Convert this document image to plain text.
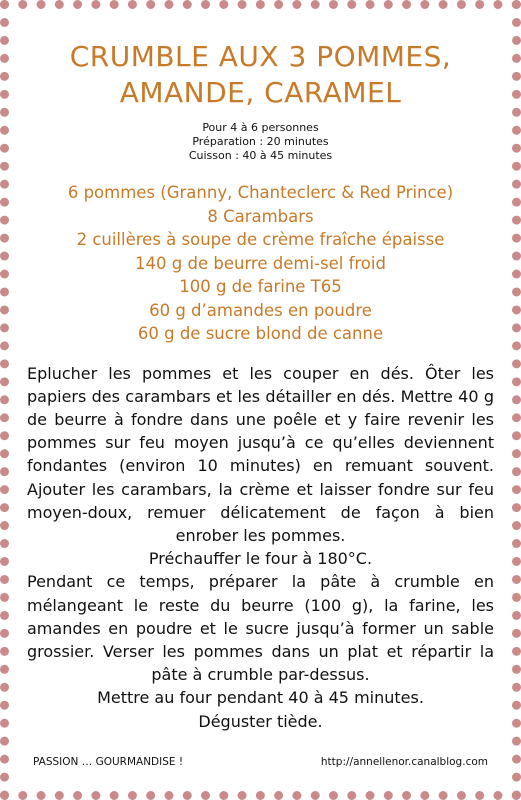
CRUMBLE AUX 3 POMMES,
AMANDE, CARAMEL
Pour 4 à 6 personnes
Préparation : 20 minutes
Cuisson : 40 à 45 minutes
6 pommes (Granny, Chanteclerc & Red Prince)
8 Carambars
2 cuillères à soupe de crème fraîche épaisse
140 g de beurre demi-sel froid
100 g de farine T65
60 g d’amandes en poudre
60 g de sucre blond de canne

Eplucher les pommes et les couper en dés. Ôter les papiers des carambars et les détailler en dés. Mettre 40 g de beurre à fondre dans une poêle et y faire revenir les pommes sur feu moyen jusqu’à ce qu’elles deviennent fondantes (environ 10 minutes) en remuant souvent. Ajouter les carambars, la crème et laisser fondre sur feu moyen-doux, remuer délicatement de façon à bien enrober les pommes.

Préchauffer le four à 180°C.

Pendant ce temps, préparer la pâte à crumble en mélangeant le reste du beurre (100 g), la farine, les amandes en poudre et le sucre jusqu’à former un sable grossier. Verser les pommes dans un plat et répartir la pâte à crumble par-dessus.

Mettre au four pendant 40 à 45 minutes.

Déguster tiède.

PASSION … GOURMANDISE !	http://annellenor.canalblog.com
